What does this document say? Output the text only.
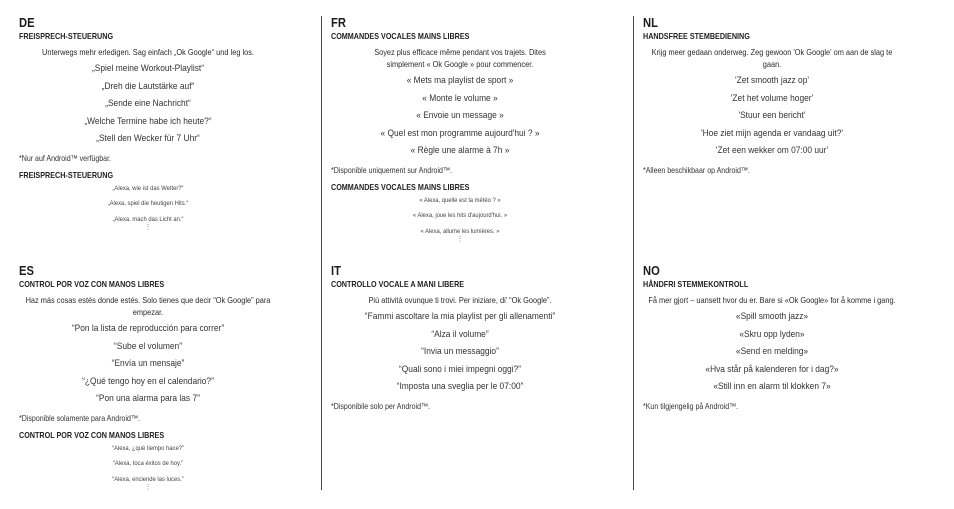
DE
FREISPRECH-STEUERUNG
Unterwegs mehr erledigen. Sag einfach „Ok Google“ und leg los.
„Spiel meine Workout-Playlist“
„Dreh die Lautstärke auf“
„Sende eine Nachricht“
„Welche Termine habe ich heute?“
„Stell den Wecker für 7 Uhr“
*Nur auf Android™ verfügbar.
FREISPRECH-STEUERUNG
„Alexa, wie ist das Wetter?“
„Alexa, spiel die heutigen Hits.“
„Alexa, mach das Licht an.“
⋮
ES
CONTROL POR VOZ CON MANOS LIBRES
Haz más cosas estés donde estés. Solo tienes que decir “Ok Google” para empezar.
“Pon la lista de reproducción para correr”
“Sube el volumen”
“Envía un mensaje”
“¿Qué tengo hoy en el calendario?”
“Pon una alarma para las 7”
*Disponible solamente para Android™.
CONTROL POR VOZ CON MANOS LIBRES
“Alexa, ¿qué tiempo hace?”
“Alexa, toca éxitos de hoy.”
“Alexa, enciende las luces.”
⋮
FR
COMMANDES VOCALES MAINS LIBRES
Soyez plus efficace même pendant vos trajets. Dites simplement « Ok Google » pour commencer.
« Mets ma playlist de sport »
« Monte le volume »
« Envoie un message »
« Quel est mon programme aujourd'hui ? »
« Règle une alarme à 7h »
*Disponible uniquement sur Android™.
COMMANDES VOCALES MAINS LIBRES
« Alexa, quelle est la météo ? »
« Alexa, joue les hits d'aujourd'hui. »
« Alexa, allume les lumières. »
⋮
IT
CONTROLLO VOCALE A MANI LIBERE
Più attività ovunque ti trovi. Per iniziare, di' “Ok Google”.
“Fammi ascoltare la mia playlist per gli allenamenti”
“Alza il volume”
“Invia un messaggio”
“Quali sono i miei impegni oggi?”
“Imposta una sveglia per le 07:00”
*Disponibile solo per Android™.
NL
HANDSFREE STEMBEDIENING
Krijg meer gedaan onderweg. Zeg gewoon 'Ok Google' om aan de slag te gaan.
'Zet smooth jazz op'
'Zet het volume hoger'
'Stuur een bericht'
'Hoe ziet mijn agenda er vandaag uit?'
'Zet een wekker om 07:00 uur'
*Alleen beschikbaar op Android™.
NO
HÅNDFRI STEMMEKONTROLL
Få mer gjort – uansett hvor du er. Bare si «Ok Google» for å komme i gang.
«Spill smooth jazz»
«Skru opp lyden»
«Send en melding»
«Hva står på kalenderen for i dag?»
«Still inn en alarm til klokken 7»
*Kun tilgjengelig på Android™.
